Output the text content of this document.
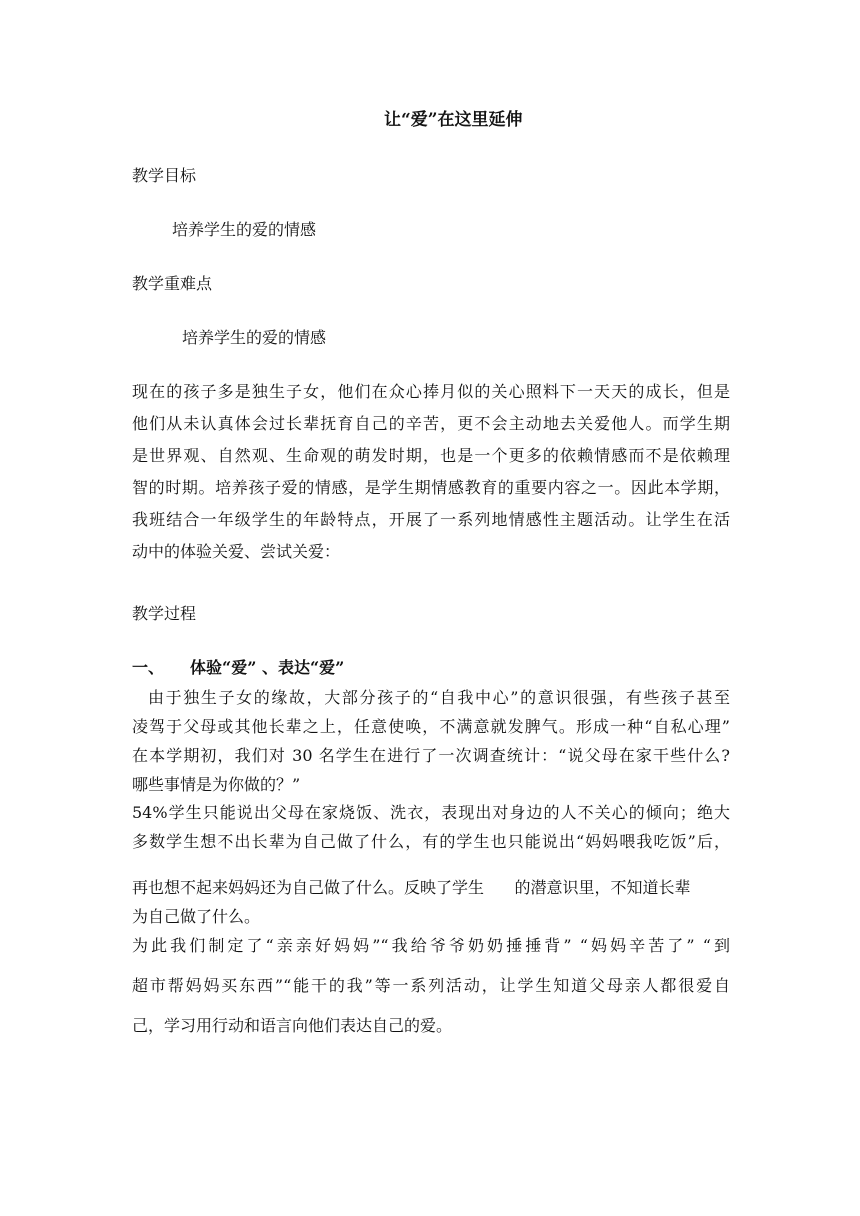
让“爱”在这里延伸
教学目标
培养学生的爱的情感
教学重难点
培养学生的爱的情感
现在的孩子多是独生子女，他们在众心捧月似的关心照料下一天天的成长，但是
他们从未认真体会过长辈抚育自己的辛苦，更不会主动地去关爱他人。而学生期
是世界观、自然观、生命观的萌发时期，也是一个更多的依赖情感而不是依赖理
智的时期。培养孩子爱的情感，是学生期情感教育的重要内容之一。因此本学期，
我班结合一年级学生的年龄特点，开展了一系列地情感性主题活动。让学生在活
动中的体验关爱、尝试关爱：
教学过程
一、 体验“爱” 、表达“爱”
由于独生子女的缘故，大部分孩子的“自我中心”的意识很强，有些孩子甚至
凌驾于父母或其他长辈之上，任意使唤，不满意就发脾气。形成一种“自私心理”
在本学期初，我们对 30 名学生在进行了一次调查统计：“说父母在家干些什么?
哪些事情是为你做的？”
54%学生只能说出父母在家烧饭、洗衣，表现出对身边的人不关心的倾向；绝大
多数学生想不出长辈为自己做了什么，有的学生也只能说出“妈妈喂我吃饭”后，
再也想不起来妈妈还为自己做了什么。反映了学生      的潜意识里，不知道长辈
为自己做了什么。
为此我们制定了“亲亲好妈妈”“我给爷爷奶奶捶捶背” “妈妈辛苦了” “到
超市帮妈妈买东西”“能干的我”等一系列活动，让学生知道父母亲人都很爱自
己，学习用行动和语言向他们表达自己的爱。
